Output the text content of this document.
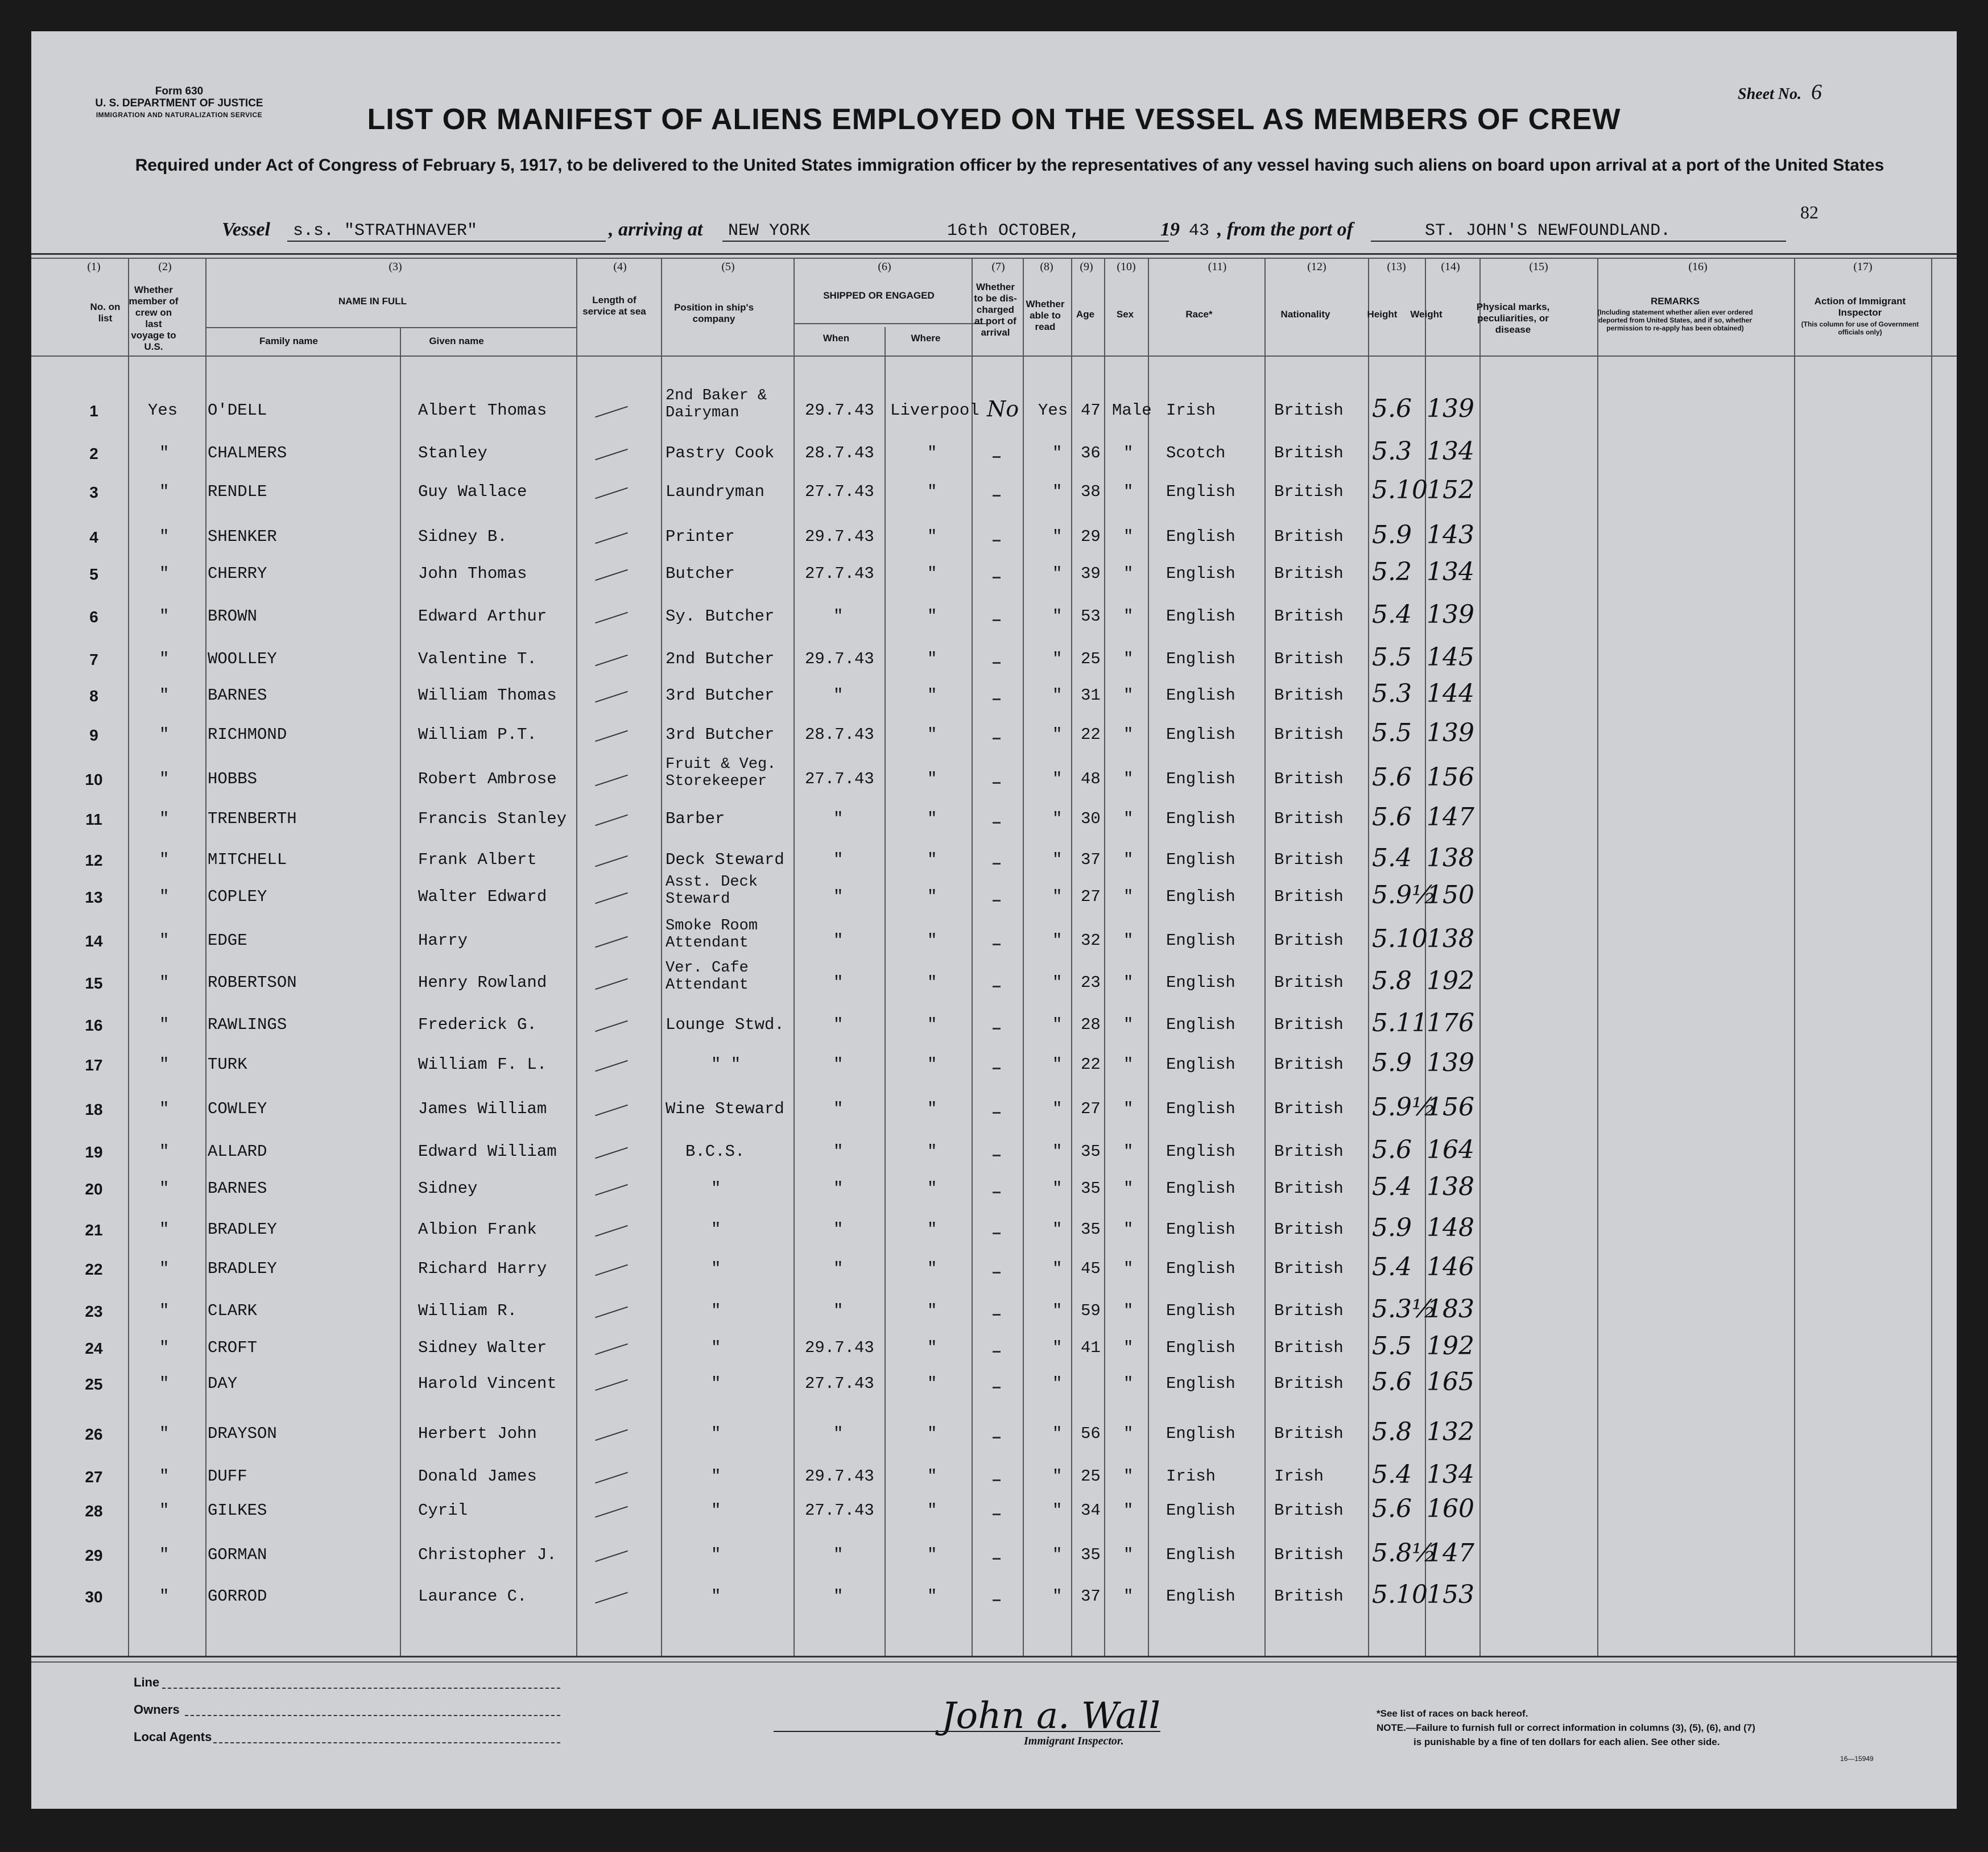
Form 630
U. S. DEPARTMENT OF JUSTICE
IMMIGRATION AND NATURALIZATION SERVICE
Sheet No. 6
LIST OR MANIFEST OF ALIENS EMPLOYED ON THE VESSEL AS MEMBERS OF CREW
Required under Act of Congress of February 5, 1917, to be delivered to the United States immigration officer by the representatives of any vessel having such aliens on board upon arrival at a port of the United States
82
Vessel s.s. "STRATHNAVER"	, arriving at NEW YORK	16th OCTOBER,	19 43 , from the port of	ST. JOHN'S NEWFOUNDLAND.
(1)	(2)	(3)	(4)	(5)	(6)	(7)	(8)	(9)	(10)	(11)	(12)	(13)	(14)	(15)	(16)	(17)
No. on list
Whether member of crew on last voyage to U.S.
NAME IN FULL
Family name	Given name
Length of service at sea	Position in ship's company
SHIPPED OR ENGAGED
When	Where
Whether to be dis-charged at port of arrival
Whether able to read
Age	Sex	Race*	Nationality	Height	Weight
Physical marks, peculiarities, or disease
REMARKS
(Including statement whether alien ever ordered deported from United States, and if so, whether permission to re-apply has been obtained)
Action of Immigrant Inspector
(This column for use of Government officials only)
1	Yes O'DELL	Albert Thomas
2nd Baker & Dairyman	29.7.43 Liverpool No Yes 47 Male Irish	British 5.6 139
2	" CHALMERS	Stanley	Pastry Cook 28.7.43	"	" 36 " Scotch	British 5.3 134
3	" RENDLE	Guy Wallace	Laundryman 27.7.43	"	" 38 " English British 5.10
152
4	" SHENKER	Sidney B.	Printer	29.7.43	"	" 29 " English British 5.9 143
5	" CHERRY	John Thomas	Butcher	27.7.43	"	" 39 " English British 5.2 134
6	" BROWN	Edward Arthur	Sy. Butcher	"	"	" 53 " English British 5.4 139
7	" WOOLLEY	Valentine T.	2nd Butcher 29.7.43	"	" 25 " English British 5.5 145
8	" BARNES	William Thomas	3rd Butcher	"	"	" 31 " English British 5.3 144
9	" RICHMOND	William P.T.	3rd Butcher 28.7.43	"	" 22 " English British 5.5 139
10	" HOBBS	Robert Ambrose
Fruit & Veg. Storekeeper	27.7.43	"	" 48 " English British 5.6 156
11	" TRENBERTH	Francis Stanley	Barber	"	"	" 30 " English British 5.6 147
12	" MITCHELL	Frank Albert	Deck Steward	"	"	" 37 " English British 5.4 138
13	" COPLEY	Walter Edward
Asst. Deck Steward	"	"	" 27 " English British 5.9½
150
14	" EDGE	Harry
Smoke Room Attendant	"	"	" 32 " English British 5.10
138
15	" ROBERTSON	Henry Rowland
Ver. Cafe Attendant	"	"	" 23 " English British 5.8 192
16	" RAWLINGS	Frederick G.	Lounge Stwd.	"	"	" 28 " English British 5.11
176
17	" TURK	William F. L.	" "	"	"	" 22 " English British 5.9 139
18	" COWLEY	James William	Wine Steward	"	"	" 27 " English British 5.9½
156
19	" ALLARD	Edward William	B.C.S.	"	"	" 35 " English British 5.6 164
20	" BARNES	Sidney	"	"	"	" 35 " English British 5.4 138
21	" BRADLEY	Albion Frank	"	"	"	" 35 " English British 5.9 148
22	" BRADLEY	Richard Harry	"	"	"	" 45 " English British 5.4 146
23	" CLARK	William R.	"	"	"	" 59 " English British 5.3½
183
24	" CROFT	Sidney Walter	"	29.7.43	"	" 41 " English British 5.5 192
25	" DAY	Harold Vincent	"	27.7.43	"	"	" English British 5.6 165
26	" DRAYSON	Herbert John	"	"	"	" 56 " English British 5.8 132
27	" DUFF	Donald James	"	29.7.43	"	" 25 " Irish	Irish 5.4 134
28	" GILKES	Cyril	"	27.7.43	"	" 34 " English British 5.6 160
29	" GORMAN	Christopher J.	"	"	"	" 35 " English British 5.8½
147
30	" GORROD	Laurance C.	"	"	"	" 37 " English British 5.10
153
Line
Owners
Local Agents	John a. Wall
Immigrant Inspector.
*See list of races on back hereof.
NOTE.—Failure to furnish full or correct information in columns (3), (5), (6), and (7)
is punishable by a fine of ten dollars for each alien. See other side.
16—15949
